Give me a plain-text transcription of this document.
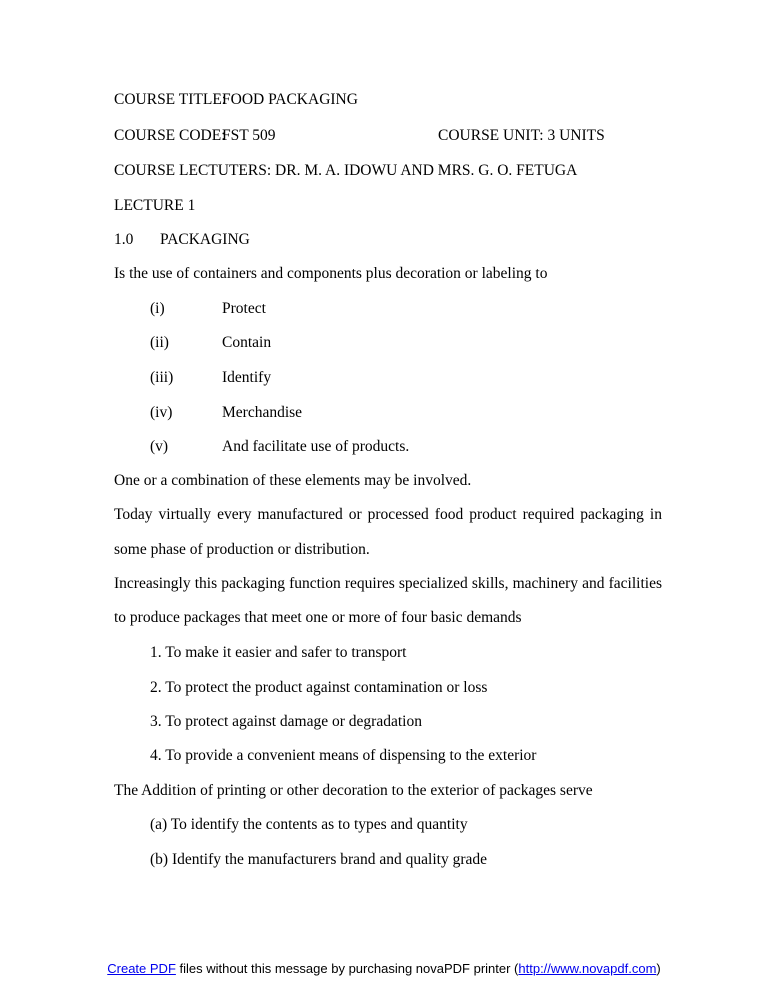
COURSE TITLE:
FOOD PACKAGING
COURSE CODE:
FST 509	COURSE UNIT: 3 UNITS
COURSE LECTUTERS: DR. M. A. IDOWU AND MRS. G. O. FETUGA
LECTURE 1
1.0 PACKAGING
Is the use of containers and components plus decoration or labeling to
(i)	Protect
(ii)	Contain
(iii)	Identify
(iv)	Merchandise
(v)	And facilitate use of products.
One or a combination of these elements may be involved.
Today virtually every manufactured or processed food product required packaging in
some phase of production or distribution.
Increasingly this packaging function requires specialized skills, machinery and facilities
to produce packages that meet one or more of four basic demands
1. To make it easier and safer to transport
2. To protect the product against contamination or loss
3. To protect against damage or degradation
4. To provide a convenient means of dispensing to the exterior
The Addition of printing or other decoration to the exterior of packages serve
(a) To identify the contents as to types and quantity
(b) Identify the manufacturers brand and quality grade
Create PDF files without this message by purchasing novaPDF printer (http://www.novapdf.com)
